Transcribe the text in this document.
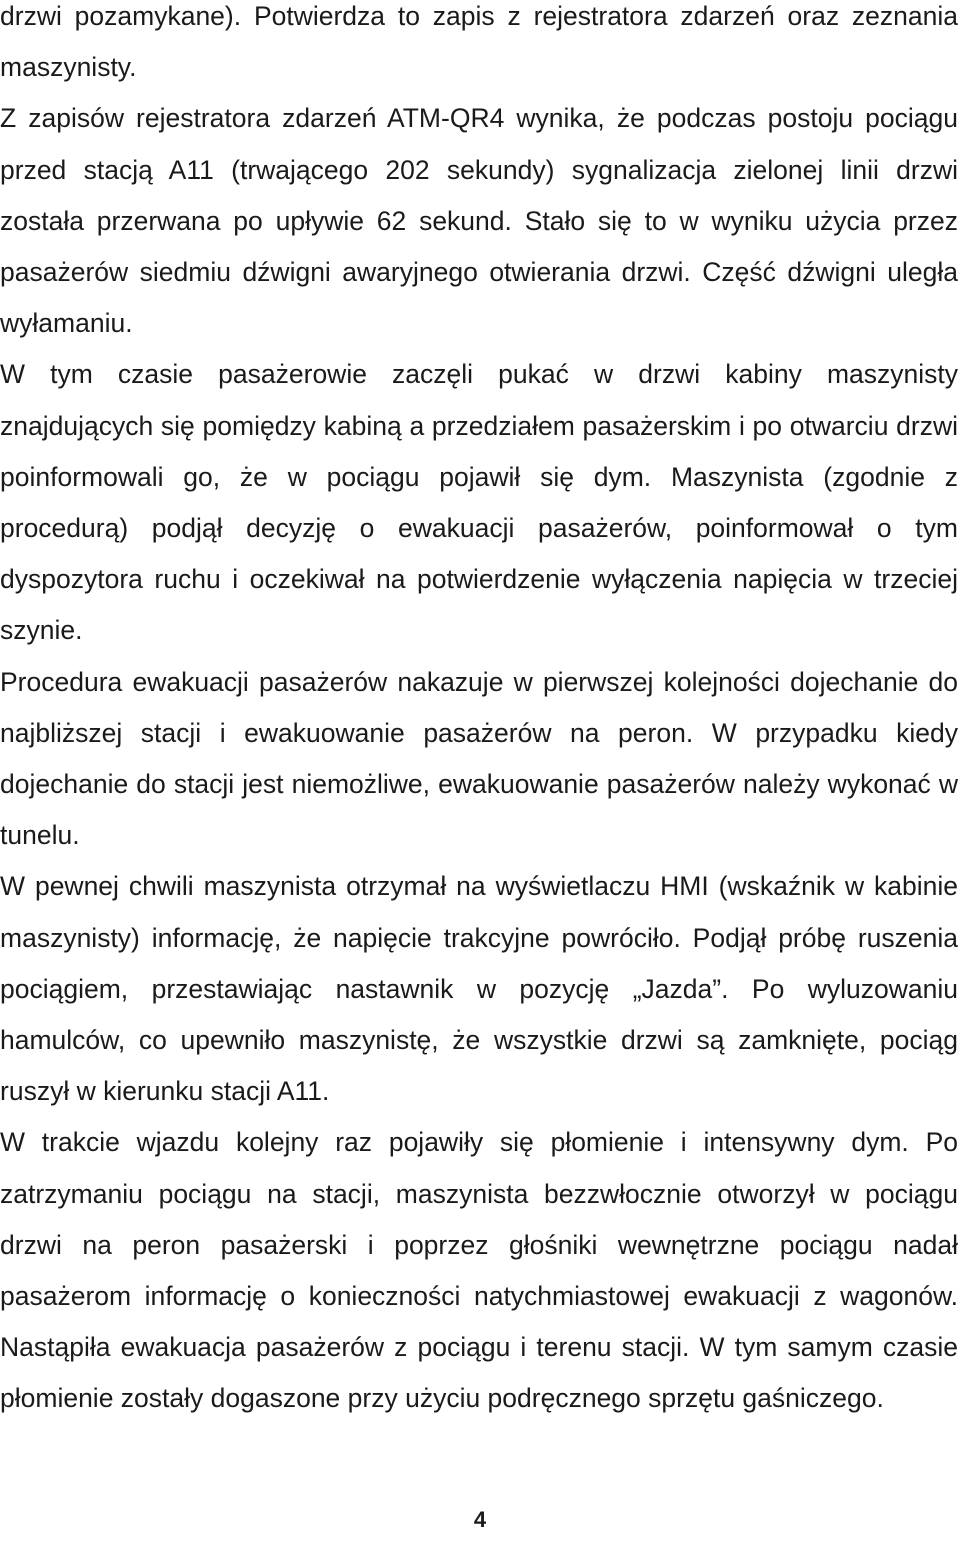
drzwi pozamykane). Potwierdza to zapis z rejestratora zdarzeń oraz zeznania maszynisty.

Z zapisów rejestratora zdarzeń ATM-QR4 wynika, że podczas postoju pociągu przed stacją A11 (trwającego 202 sekundy) sygnalizacja zielonej linii drzwi została przerwana po upływie 62 sekund. Stało się to w wyniku użycia przez pasażerów siedmiu dźwigni awaryjnego otwierania drzwi. Część dźwigni uległa wyłamaniu.

W tym czasie pasażerowie zaczęli pukać w drzwi kabiny maszynisty znajdujących się pomiędzy kabiną a przedziałem pasażerskim i po otwarciu drzwi poinformowali go, że w pociągu pojawił się dym. Maszynista (zgodnie z procedurą) podjął decyzję o ewakuacji pasażerów, poinformował o tym dyspozytora ruchu i oczekiwał na potwierdzenie wyłączenia napięcia w trzeciej szynie.

Procedura ewakuacji pasażerów nakazuje w pierwszej kolejności dojechanie do najbliższej stacji i ewakuowanie pasażerów na peron. W przypadku kiedy dojechanie do stacji jest niemożliwe, ewakuowanie pasażerów należy wykonać w tunelu.

W pewnej chwili maszynista otrzymał na wyświetlaczu HMI (wskaźnik w kabinie maszynisty) informację, że napięcie trakcyjne powróciło. Podjął próbę ruszenia pociągiem, przestawiając nastawnik w pozycję „Jazda”. Po wyluzowaniu hamulców, co upewniło maszynistę, że wszystkie drzwi są zamknięte, pociąg ruszył w kierunku stacji A11.

W trakcie wjazdu kolejny raz pojawiły się płomienie i intensywny dym. Po zatrzymaniu pociągu na stacji, maszynista bezzwłocznie otworzył w pociągu drzwi na peron pasażerski i poprzez głośniki wewnętrzne pociągu nadał pasażerom informację o konieczności natychmiastowej ewakuacji z wagonów. Nastąpiła ewakuacja pasażerów z pociągu i terenu stacji. W tym samym czasie płomienie zostały dogaszone przy użyciu podręcznego sprzętu gaśniczego.

4
